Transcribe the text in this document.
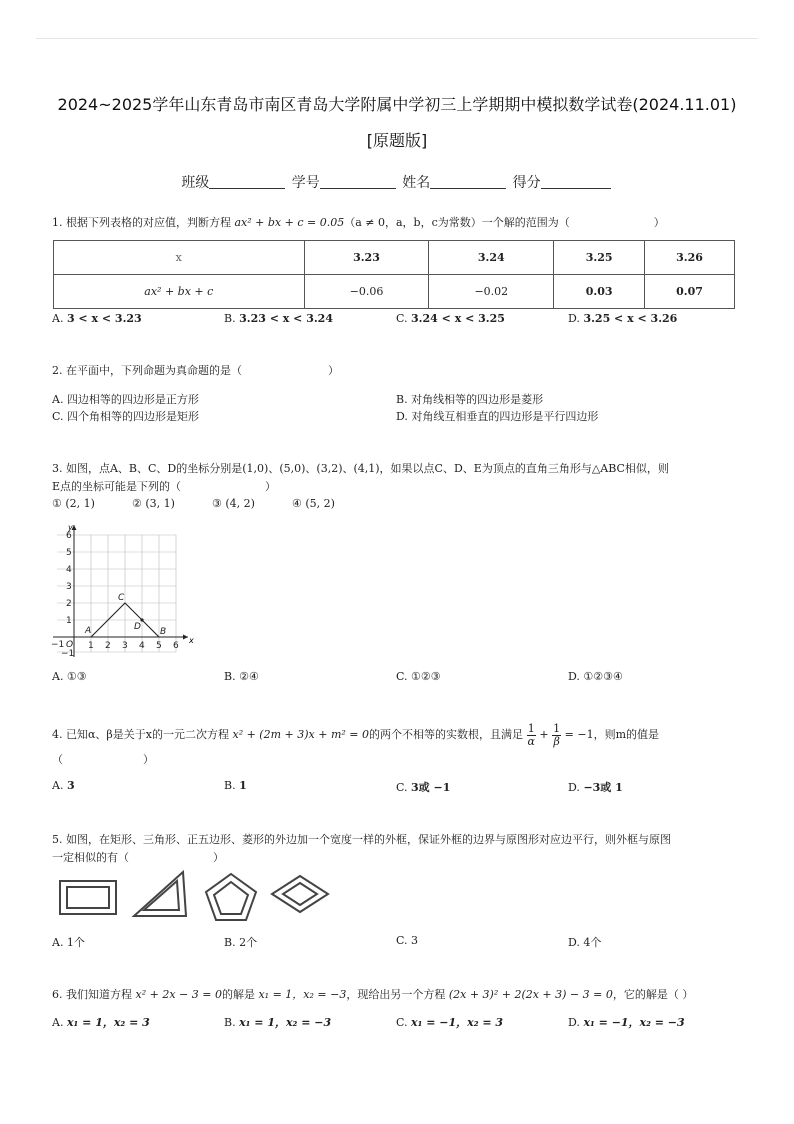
2024~2025学年山东青岛市南区青岛大学附属中学初三上学期期中模拟数学试卷(2024.11.01)
[原题版]
班级	学号	姓名	得分
1. 根据下列表格的对应值，判断方程 ax² + bx + c = 0.05（a ≠ 0，a，b，c为常数）一个解的范围为（	）
x	3.23	3.24	3.25	3.26
ax² + bx + c	−0.06	−0.02	0.03	0.07
A. 3 < x < 3.23	B. 3.23 < x < 3.24	C. 3.24 < x < 3.25	D. 3.25 < x < 3.26
2. 在平面中，下列命题为真命题的是（	）
A. 四边相等的四边形是正方形	B. 对角线相等的四边形是菱形
C. 四个角相等的四边形是矩形	D. 对角线互相垂直的四边形是平行四边形
3. 如图，点A、B、C、D的坐标分别是(1,0)、(5,0)、(3,2)、(4,1)，如果以点C、D、E为顶点的直角三角形与△ABC相似，则
E点的坐标可能是下列的（	）
① (2, 1)	② (3, 1)	③ (4, 2)	④ (5, 2)
x
y
−1 O 1 2 3 4 5 6
1
2
3
4
5
6
−1
A	B
C
D
A. ①③	B. ②④	C. ①②③	D. ①②③④
4. 已知α、β是关于x的一元二次方程 x² + (2m + 3)x + m² = 0的两个不相等的实数根，且满足 $\frac{1}{\alpha} + \frac{1}{\beta} = -1$，则m的值是
（	）
A. 3	B. 1	C. 3或 −1	D. −3或 1
5. 如图，在矩形、三角形、正五边形、菱形的外边加一个宽度一样的外框，保证外框的边界与原图形对应边平行，则外框与原图
一定相似的有（	）
A. 1个	B. 2个	C. 3	D. 4个
6. 我们知道方程 x² + 2x − 3 = 0的解是 x₁ = 1，x₂ = −3，现给出另一个方程 (2x + 3)² + 2(2x + 3) − 3 = 0，它的解是（ ）
A. x₁ = 1，x₂ = 3	B. x₁ = 1，x₂ = −3	C. x₁ = −1，x₂ = 3	D. x₁ = −1，x₂ = −3
